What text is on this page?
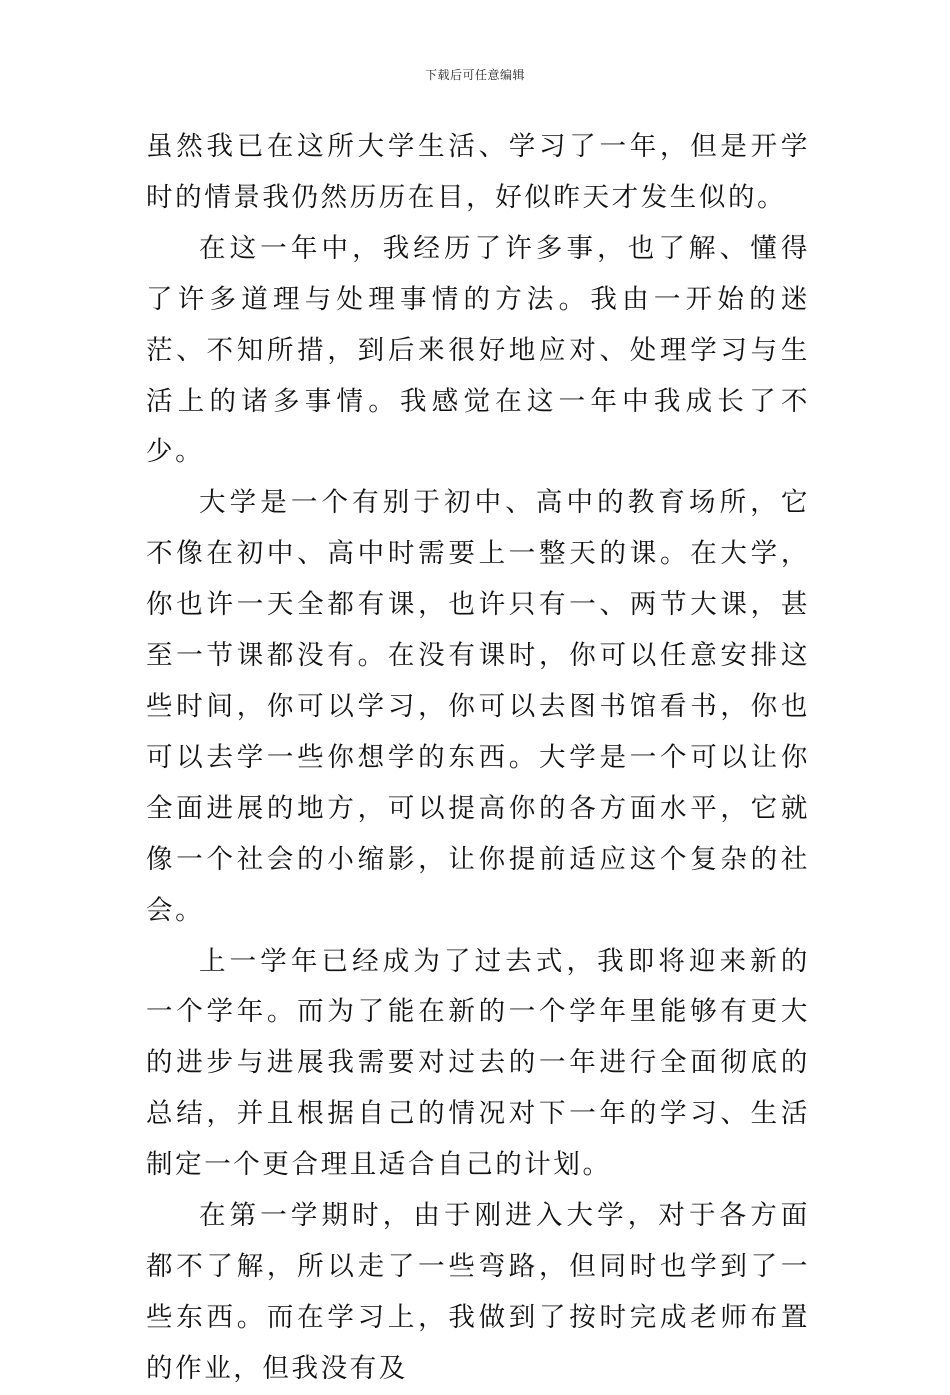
下载后可任意编辑

虽然我已在这所大学生活、学习了一年，但是开学时的情景我仍然历历在目，好似昨天才发生似的。

在这一年中，我经历了许多事，也了解、懂得了许多道理与处理事情的方法。我由一开始的迷茫、不知所措，到后来很好地应对、处理学习与生活上的诸多事情。我感觉在这一年中我成长了不少。

大学是一个有别于初中、高中的教育场所，它不像在初中、高中时需要上一整天的课。在大学，你也许一天全都有课，也许只有一、两节大课，甚至一节课都没有。在没有课时，你可以任意安排这些时间，你可以学习，你可以去图书馆看书，你也可以去学一些你想学的东西。大学是一个可以让你全面进展的地方，可以提高你的各方面水平，它就像一个社会的小缩影，让你提前适应这个复杂的社会。

上一学年已经成为了过去式，我即将迎来新的一个学年。而为了能在新的一个学年里能够有更大的进步与进展我需要对过去的一年进行全面彻底的总结，并且根据自己的情况对下一年的学习、生活制定一个更合理且适合自己的计划。

在第一学期时，由于刚进入大学，对于各方面都不了解，所以走了一些弯路，但同时也学到了一些东西。而在学习上，我做到了按时完成老师布置的作业，但我没有及
